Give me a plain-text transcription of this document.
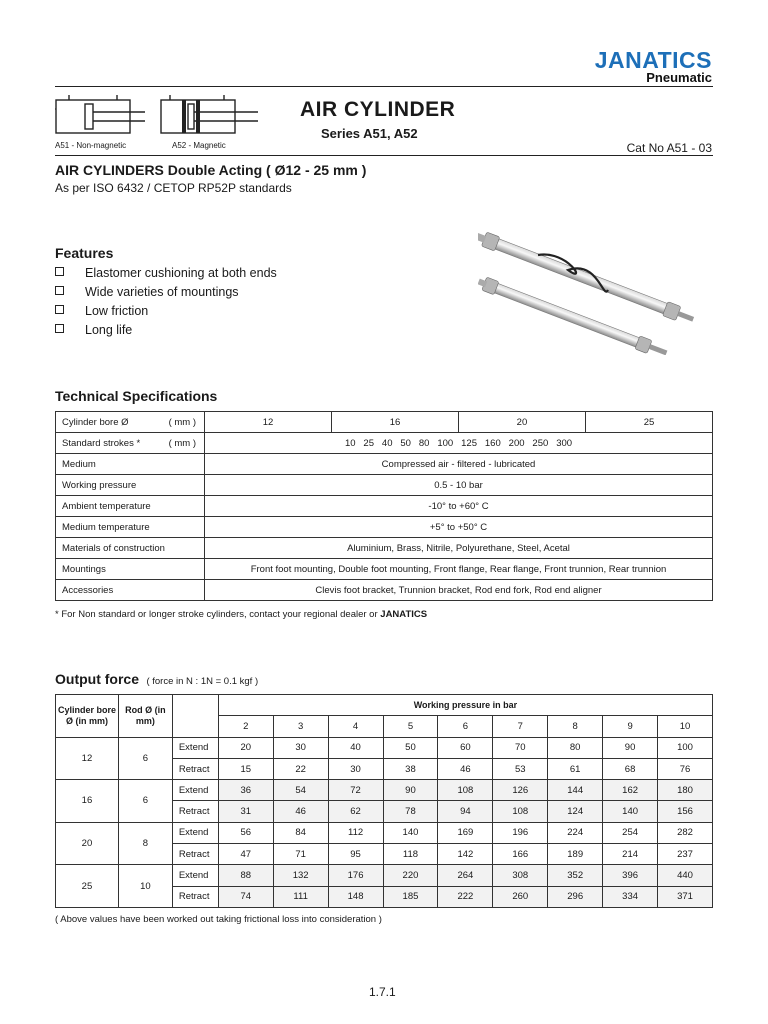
JANATICS
Pneumatic
A51 - Non-magnetic	A52 - Magnetic
AIR CYLINDER
Series A51, A52
Cat No A51 - 03
AIR CYLINDERS Double Acting ( Ø12 - 25 mm )
As per ISO 6432 / CETOP RP52P standards
Features
Elastomer cushioning at both ends
Wide varieties of mountings
Low friction
Long life
Technical Specifications
Cylinder bore Ø ( mm )	12	16	20	25
Standard strokes * ( mm )	10   25   40   50   80   100   125   160   200   250   300			
Medium	Compressed air - filtered - lubricated			
Working pressure	0.5 - 10 bar			
Ambient temperature	-10° to +60° C			
Medium temperature	+5° to +50° C			
Materials of construction	Aluminium, Brass, Nitrile, Polyurethane, Steel, Acetal			
Mountings	Front foot mounting, Double foot mounting, Front flange, Rear flange, Front trunnion, Rear trunnion			
Accessories	Clevis foot bracket, Trunnion bracket, Rod end fork, Rod end aligner			
* For Non standard or longer stroke cylinders, contact your regional dealer or JANATICS
Output force ( force in N : 1N = 0.1 kgf )
Cylinder bore Ø (in mm)	Rod Ø (in mm)		Working pressure in bar								
			2	3	4	5	6	7	8	9	10
12	6	Extend	20	30	40	50	60	70	80	90	100
		Retract	15	22	30	38	46	53	61	68	76
16	6	Extend	36	54	72	90	108	126	144	162	180
		Retract	31	46	62	78	94	108	124	140	156
20	8	Extend	56	84	112	140	169	196	224	254	282
		Retract	47	71	95	118	142	166	189	214	237
25	10	Extend	88	132	176	220	264	308	352	396	440
		Retract	74	111	148	185	222	260	296	334	371
( Above values have been worked out taking frictional loss into consideration )
1.7.1
